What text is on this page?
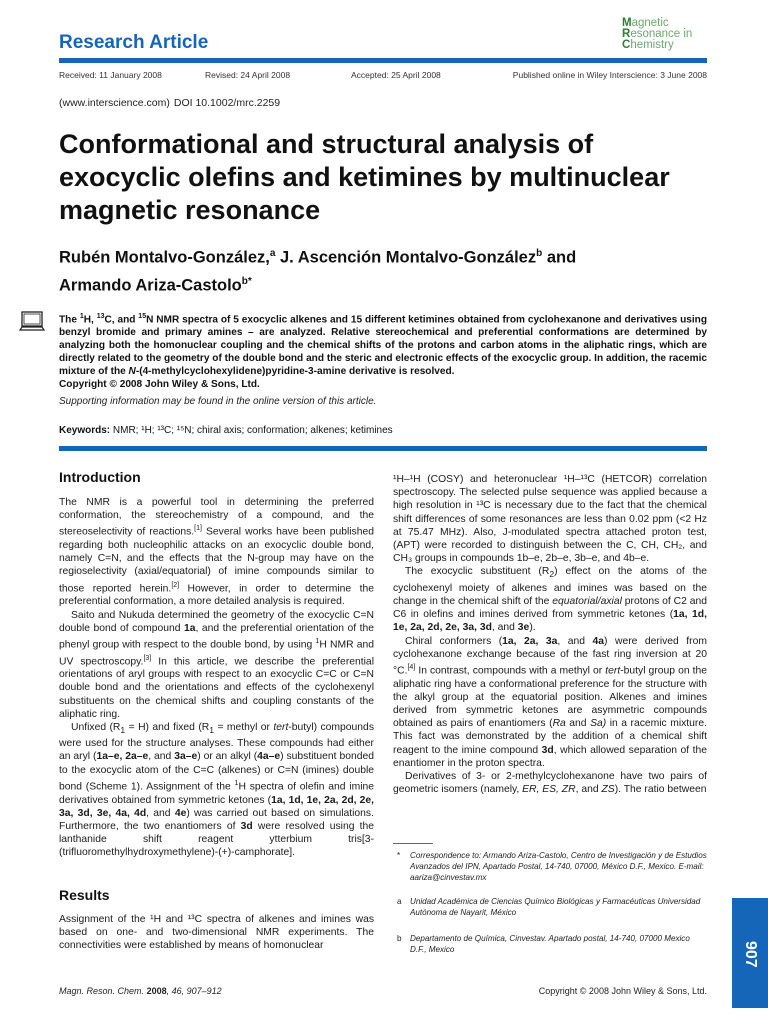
Research Article
Magnetic
Resonance in
Chemistry
Received: 11 January 2008	Revised: 24 April 2008	Accepted: 25 April 2008	Published online in Wiley Interscience: 3 June 2008
(www.interscience.com) DOI 10.1002/mrc.2259
Conformational and structural analysis of exocyclic olefins and ketimines by multinuclear magnetic resonance
Rubén Montalvo-González,$^a$ J. Ascención Montalvo-González$^b$ and
Armando Ariza-Castolo$^{b*}$
The $^1$H, $^{13}$C, and $^{15}$N NMR spectra of 5 exocyclic alkenes and 15 different ketimines obtained from cyclohexanone and derivatives using benzyl bromide and primary amines – are analyzed. Relative stereochemical and preferential conformations are determined by analyzing both the homonuclear coupling and the chemical shifts of the protons and carbon atoms in the aliphatic rings, which are directly related to the geometry of the double bond and the steric and electronic effects of the exocyclic group. In addition, the racemic mixture of the N-(4-methylcyclohexylidene)pyridine-3-amine derivative is resolved.
Copyright © 2008 John Wiley & Sons, Ltd.
Supporting information may be found in the online version of this article.
Keywords: NMR; ¹H; ¹³C; ¹⁵N; chiral axis; conformation; alkenes; ketimines
Introduction

The NMR is a powerful tool in determining the preferred conformation, the stereochemistry of a compound, and the stereoselectivity of reactions.[1] Several works have been published regarding both nucleophilic attacks on an exocyclic double bond, namely C=N, and the effects that the N-group may have on the regioselectivity (axial/equatorial) of imine compounds similar to those reported herein.[2] However, in order to determine the preferential conformation, a more detailed analysis is required.

Saito and Nukuda determined the geometry of the exocyclic C=N double bond of compound 1a, and the preferential orientation of the phenyl group with respect to the double bond, by using $^1$H NMR and UV spectroscopy.[3] In this article, we describe the preferential orientations of aryl groups with respect to an exocyclic C=C or C=N double bond and the orientations and effects of the cyclohexenyl substituents on the chemical shifts and coupling constants of the aliphatic ring.

Unfixed $(R_1 = H)$ and fixed ($R_1$ = methyl or tert-butyl) compounds were used for the structure analyses. These compounds had either an aryl (1a–e, 2a–e, and 3a–e) or an alkyl (4a–e) substituent bonded to the exocyclic atom of the C=C (alkenes) or C=N (imines) double bond (Scheme 1). Assignment of the $^1$H spectra of olefin and imine derivatives obtained from symmetric ketones (1a, 1d, 1e, 2a, 2d, 2e, 3a, 3d, 3e, 4a, 4d, and 4e) was carried out based on simulations. Furthermore, the two enantiomers of 3d were resolved using the lanthanide shift reagent ytterbium tris[3-(trifluoromethylhydroxymethylene)-(+)-camphorate].

Results

Assignment of the ¹H and ¹³C spectra of alkenes and imines was based on one- and two-dimensional NMR experiments. The connectivities were established by means of homonuclear

¹H–¹H (COSY) and heteronuclear ¹H–¹³C (HETCOR) correlation spectroscopy. The selected pulse sequence was applied because a high resolution in ¹³C is necessary due to the fact that the chemical shift differences of some resonances are less than 0.02 ppm (<2 Hz at 75.47 MHz). Also, J-modulated spectra attached proton test, (APT) were recorded to distinguish between the C, CH, CH₂, and CH₃ groups in compounds 1b–e, 2b–e, 3b–e, and 4b–e.

The exocyclic substituent $(R_2)$ effect on the atoms of the cyclohexenyl moiety of alkenes and imines was based on the change in the chemical shift of the equatorial/axial protons of C2 and C6 in olefins and imines derived from symmetric ketones (1a, 1d, 1e, 2a, 2d, 2e, 3a, 3d, and 3e).

Chiral conformers (1a, 2a, 3a, and 4a) were derived from cyclohexanone exchange because of the fast ring inversion at 20 °C.[4] In contrast, compounds with a methyl or tert-butyl group on the aliphatic ring have a conformational preference for the structure with the alkyl group at the equatorial position. Alkenes and imines derived from symmetric ketones are asymmetric compounds obtained as pairs of enantiomers (Ra and Sa) in a racemic mixture. This fact was demonstrated by the addition of a chemical shift reagent to the imine compound 3d, which allowed separation of the enantiomer in the proton spectra.

Derivatives of 3- or 2-methylcyclohexanone have two pairs of geometric isomers (namely, ER, ES, ZR, and ZS). The ratio between

* Correspondence to: Armando Ariza-Castolo, Centro de Investigación y de Estudios Avanzados del IPN, Apartado Postal, 14-740, 07000, México D.F., Mexico. E-mail: aariza@cinvestav.mx
a Unidad Académica de Ciencias Químico Biológicas y Farmacéuticas Universidad Autónoma de Nayarit, México
b Departamento de Química, Cinvestav. Apartado postal, 14-740, 07000 Mexico D.F., Mexico	907
Magn. Reson. Chem. 2008, 46, 907–912	Copyright © 2008 John Wiley & Sons, Ltd.
